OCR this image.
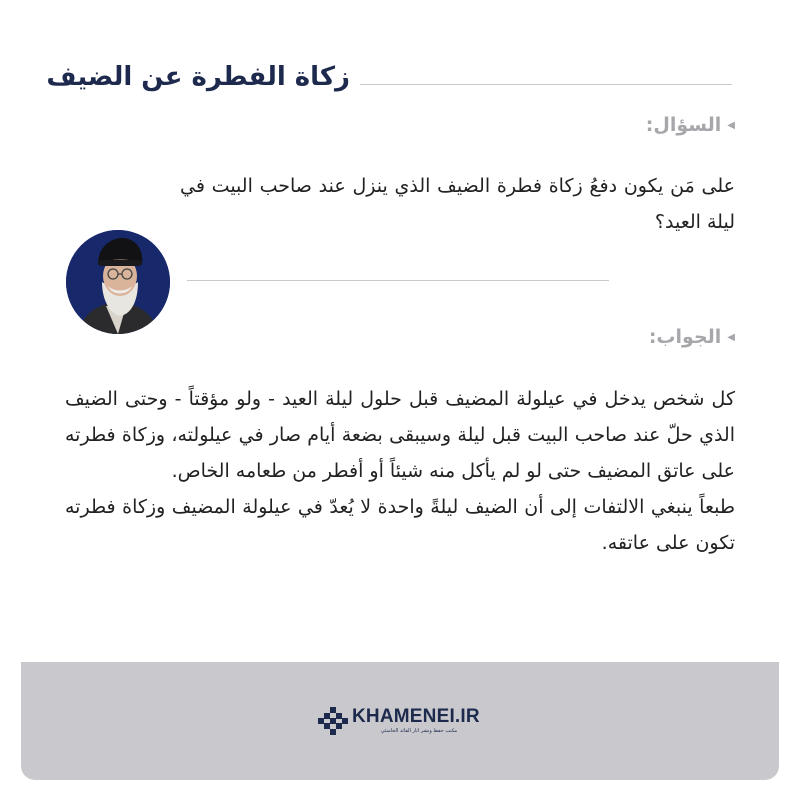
زكاة الفطرة عن الضيف
◀السؤال:
على مَن يكون دفعُ زكاة فطرة الضيف الذي ينزل عند صاحب البيت في ليلة العيد؟
◀الجواب:

كل شخص يدخل في عيلولة المضيف قبل حلول ليلة العيد - ولو مؤقتاً - وحتى الضيف الذي حلّ عند صاحب البيت قبل ليلة وسيبقى بضعة أيام صار في عيلولته، وزكاة فطرته على عاتق المضيف حتى لو لم يأكل منه شيئاً أو أفطر من طعامه الخاص.

طبعاً ينبغي الالتفات إلى أن الضيف ليلةً واحدة لا يُعدّ في عيلولة المضيف وزكاة فطرته تكون على عاتقه.

KHAMENEI.IR
مكتب حفظ ونشر آثار القائد الخامنئي
